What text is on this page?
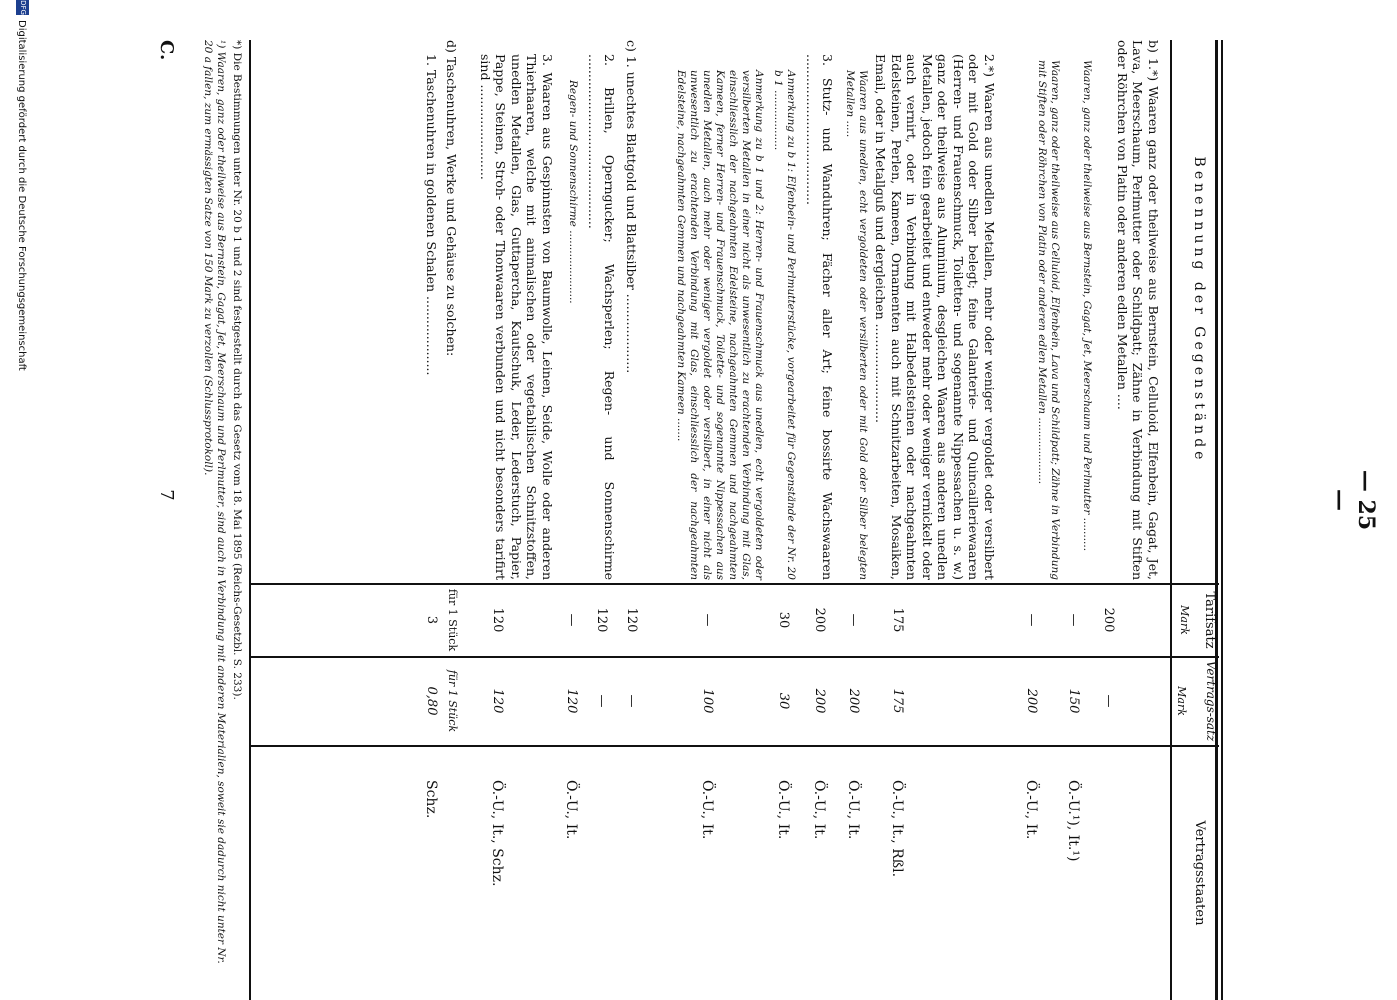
— 25 —
Benennung der Gegenstände
Tarifsatz
Mark
Vertrags-satz
Mark
Vertragsstaaten
b) 1.*) Waaren ganz oder theilweise aus Bernstein, Celluloid, Elfenbein, Gagat, Jet, Lava, Meerschaum, Perlmutter oder Schildpatt; Zähne in Verbindung mit Stiften oder Röhrchen von Platin oder anderen edlen Metallen ....
200
—
Waaren, ganz oder theilweise aus Bernstein, Gagat, Jet, Meerschaum und Perlmutter ..........
—
150
Ö.-U.¹), It.¹)
Waaren, ganz oder theilweise aus Celluloid, Elfenbein, Lava und Schildpatt; Zähne in Verbindung mit Stiften oder Röhrchen von Platin oder anderen edlen Metallen ....................
—
200
Ö.-U., It.
2.*) Waaren aus unedlen Metallen, mehr oder weniger vergoldet oder versilbert oder mit Gold oder Silber belegt; feine Galanterie- und Quincailleriewaaren (Herren- und Frauenschmuck, Toiletten- und sogenannte Nippessachen u. s. w.) ganz oder theilweise aus Aluminium, desgleichen Waaren aus anderen unedlen Metallen, jedoch fein gearbeitet und entweder mehr oder weniger vernickelt oder auch vernirt, oder in Verbindung mit Halbedelsteinen oder nachgeahmten Edelsteinen, Perlen, Kameen, Ornamenten auch mit Schnitzarbeiten, Mosaiken, Email, oder in Metallguß und dergleichen .........................
175
175
Ö.-U., It., Rßl.
Waaren aus unedlen, echt vergoldeten oder versilberten oder mit Gold oder Silber belegten Metallen .....
—
200
Ö.-U., It.
3. Stutz- und Wanduhren; Fächer aller Art; feine bossirte Wachswaaren ......................................
200
200
Ö.-U., It.
Anmerkung zu b 1: Elfenbein- und Perlmutterstücke, vorgearbeitet für Gegenstände der Nr. 20 b 1 ..................
30
30
Ö.-U., It.
Anmerkung zu b 1 und 2: Herren- und Frauenschmuck aus unedlen, echt vergoldeten oder versilberten Metallen in einer nicht als unwesentlich zu erachtenden Verbindung mit Glas, einschliesslich der nachgeahmten Edelsteine, nachgeahmten Gemmen und nachgeahmten Kameen, ferner Herren- und Frauenschmuck, Toilette- und sogenannte Nippessachen aus unedlen Metallen, auch mehr oder weniger vergoldet oder versilbert, in einer nicht als unwesentlich zu erachtenden Verbindung mit Glas, einschliesslich der nachgeahmten Edelsteine, nachgeahmten Gemmen und nachgeahmten Kameen .......
—
100
Ö.-U., It.
c) 1. unechtes Blattgold und Blattsilber ....................
120
—
2. Brillen, Operngucker; Wachsperlen; Regen- und Sonnenschirme ............................................
120
—
Regen- und Sonnenschirme ......................
—
120
Ö.-U., It.
3. Waaren aus Gespinnsten von Baumwolle, Leinen, Seide, Wolle oder anderen Thierhaaren, welche mit animalischen oder vegetabilischen Schnitzstoffen, unedlen Metallen, Glas, Guttapercha, Kautschuk, Leder, Lederstuch, Papier, Pappe, Steinen, Stroh- oder Thonwaaren verbunden und nicht besonders tarifirt sind ........................
120
120
Ö.-U., It., Schz.
d) Taschenuhren, Werke und Gehäuse zu solchen:
für 1 Stück
für 1 Stück
1. Taschenuhren in goldenen Schalen ....................
3
0,80
Schz.
*) Die Bestimmungen unter Nr. 20 b 1 und 2 sind festgestellt durch das Gesetz vom 18. Mai 1895 (Reichs-Gesetzbl. S. 233).
¹) Waaren, ganz oder theilweise aus Bernstein, Gagat, Jet, Meerschaum und Perlmutter, sind auch in Verbindung mit anderen Materialien, soweit sie dadurch nicht unter Nr. 20 a fallen, zum ermässigten Satze von 150 Mark zu verzollen (Schlussprotokoll).
C.
7
DFG
Digitalisierung gefördert durch die Deutsche Forschungsgemeinschaft
